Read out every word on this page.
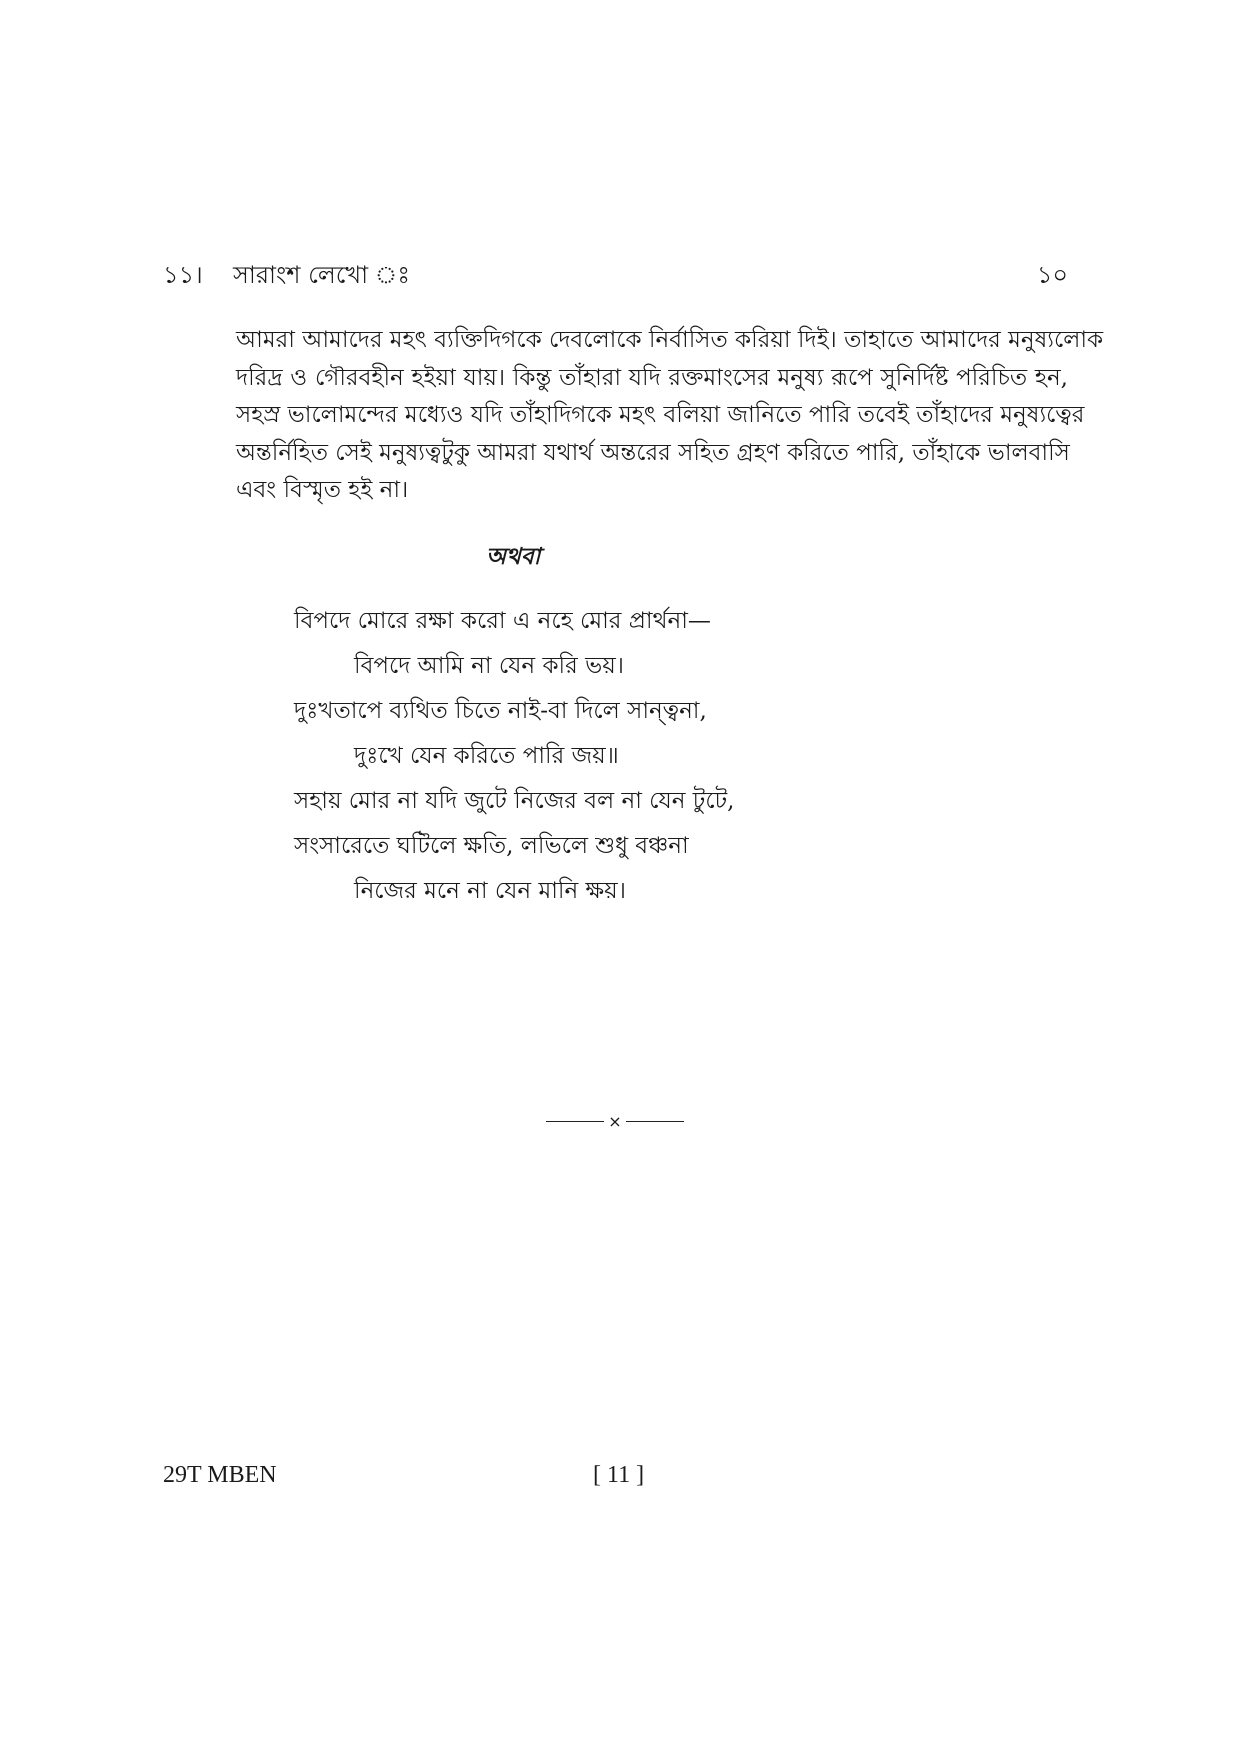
১১। সারাংশ লেখো ঃ	১০
আমরা আমাদের মহৎ ব্যক্তিদিগকে দেবলোকে নির্বাসিত করিয়া দিই। তাহাতে আমাদের মনুষ্যলোক
দরিদ্র ও গৌরবহীন হইয়া যায়। কিন্তু তাঁহারা যদি রক্তমাংসের মনুষ্য রূপে সুনির্দিষ্ট পরিচিত হন,
সহস্র ভালোমন্দের মধ্যেও যদি তাঁহাদিগকে মহৎ বলিয়া জানিতে পারি তবেই তাঁহাদের মনুষ্যত্বের
অন্তর্নিহিত সেই মনুষ্যত্বটুকু আমরা যথার্থ অন্তরের সহিত গ্রহণ করিতে পারি, তাঁহাকে ভালবাসি
এবং বিস্মৃত হই না।
অথবা
বিপদে মোরে রক্ষা করো এ নহে মোর প্রার্থনা—
বিপদে আমি না যেন করি ভয়।
দুঃখতাপে ব্যথিত চিতে নাই-বা দিলে সান্ত্বনা,
দুঃখে যেন করিতে পারি জয়॥
সহায় মোর না যদি জুটে নিজের বল না যেন টুটে,
সংসারেতে ঘটিলে ক্ষতি, লভিলে শুধু বঞ্চনা
নিজের মনে না যেন মানি ক্ষয়।
×
29T MBEN	[ 11 ]
